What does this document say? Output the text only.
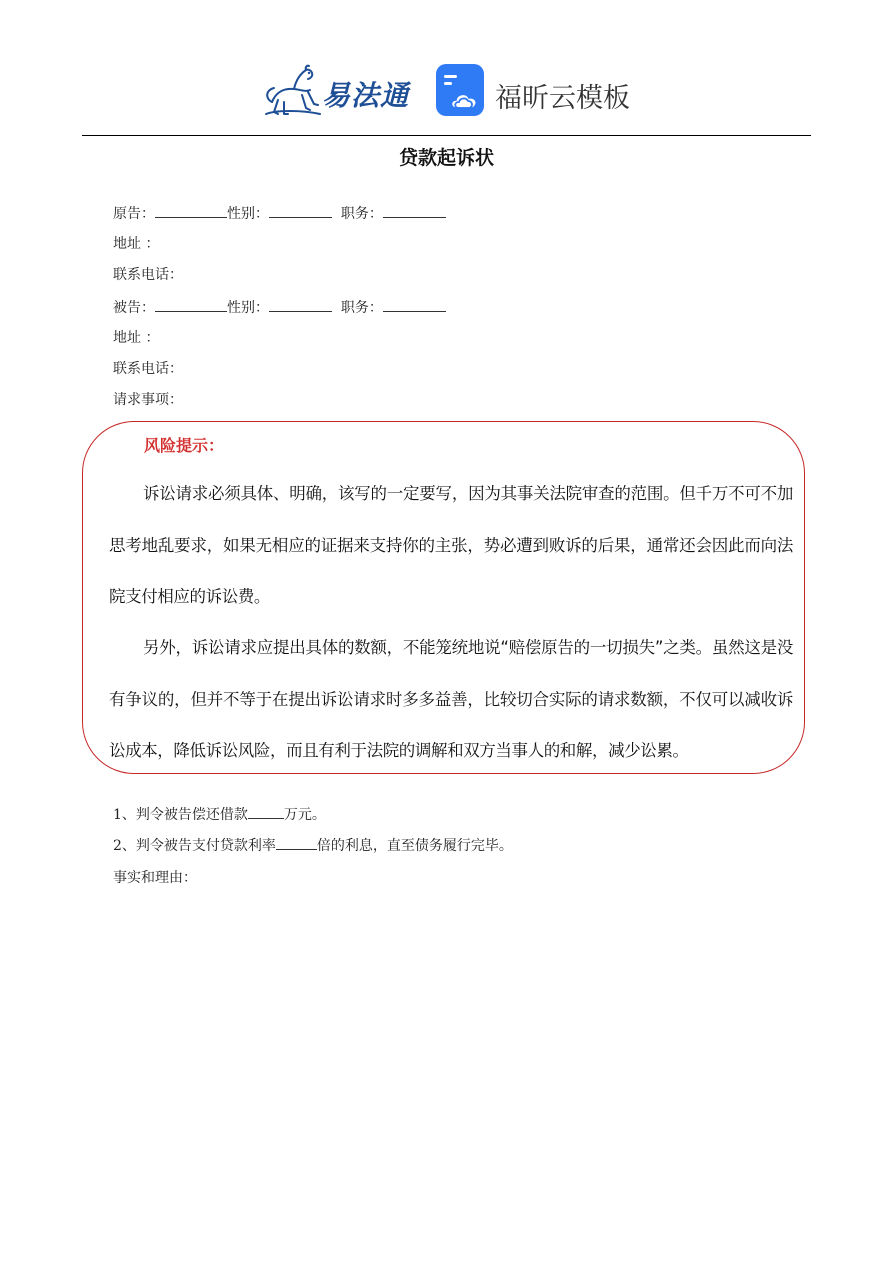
易法通	福昕云模板
贷款起诉状
原告：	性别：	职务：
地址 ：
联系电话：
被告：	性别：	职务：
地址 ：
联系电话：
请求事项：
风险提示：
诉讼请求必须具体、明确，该写的一定要写，因为其事关法院审查的范围。但千万不可不加思考地乱要求，如果无相应的证据来支持你的主张，势必遭到败诉的后果，通常还会因此而向法院支付相应的诉讼费。
另外，诉讼请求应提出具体的数额，不能笼统地说“赔偿原告的一切损失”之类。虽然这是没有争议的，但并不等于在提出诉讼请求时多多益善，比较切合实际的请求数额，不仅可以减收诉讼成本，降低诉讼风险，而且有利于法院的调解和双方当事人的和解，减少讼累。
1、判令被告偿还借款	万元。
2、判令被告支付贷款利率	倍的利息，直至债务履行完毕。
事实和理由：
